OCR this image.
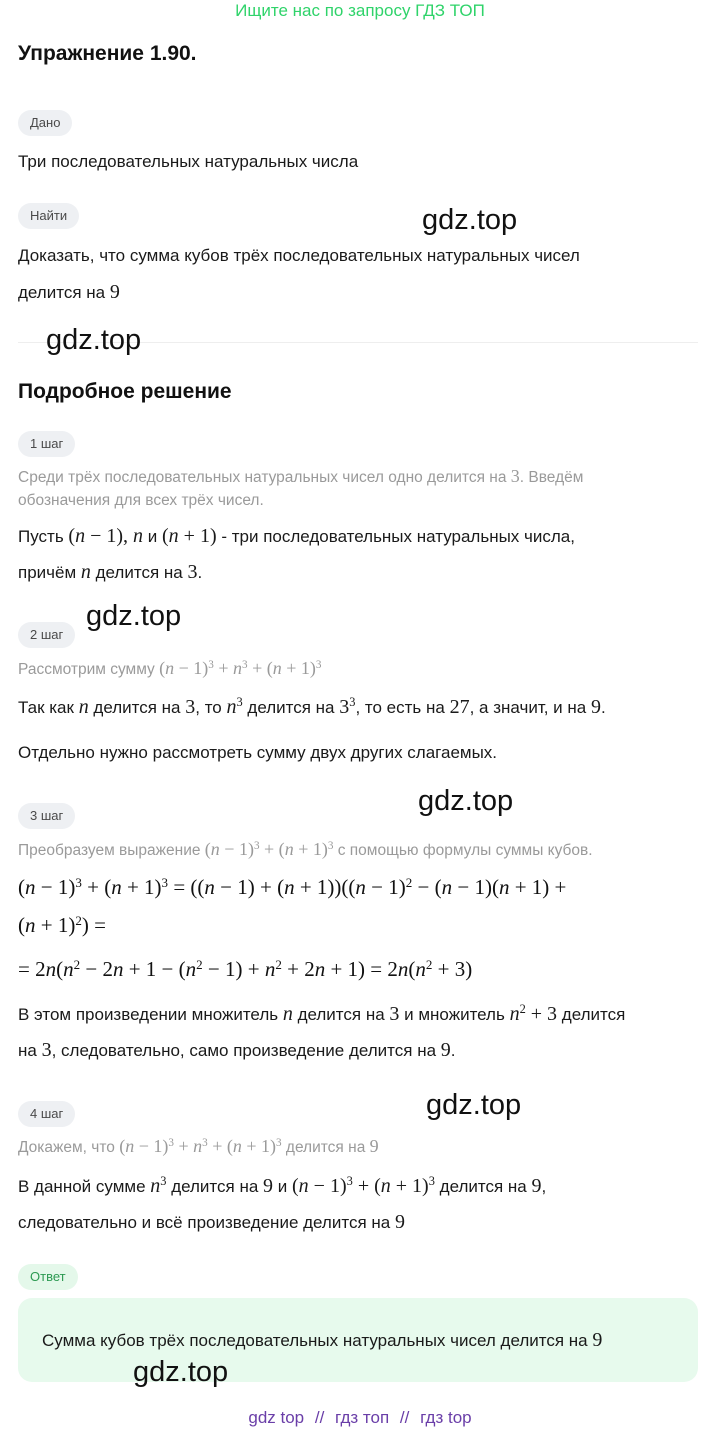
Ищите нас по запросу ГДЗ ТОП
Упражнение 1.90.
Дано
Три последовательных натуральных числа
Найти
Доказать, что сумма кубов трёх последовательных натуральных чисел
делится на 9
Подробное решение
1 шаг
Среди трёх последовательных натуральных чисел одно делится на 3. Введём
обозначения для всех трёх чисел.
Пусть (n − 1), n и (n + 1) - три последовательных натуральных числа,
причём n делится на 3.
2 шаг
Рассмотрим сумму $(n - 1)^3 + n^3 + (n + 1)^3$
Так как n делится на 3, то $n^3$ делится на $3^3$, то есть на 27, а значит, и на 9.
Отдельно нужно рассмотреть сумму двух других слагаемых.
3 шаг
Преобразуем выражение $(n - 1)^3 + (n + 1)^3$ с помощью формулы суммы кубов.
$(n - 1)^3 + (n + 1)^3 = ((n - 1) + (n + 1))((n - 1)^2 - (n - 1)(n + 1)$ +
$(n + 1)^2$) =
= $2n(n^2 - 2n + 1 - (n^2 - 1) + n^2 + 2n + 1) = 2n(n^2 + 3)$
В этом произведении множитель n делится на 3 и множитель $n^2 + 3$ делится
на 3, следовательно, само произведение делится на 9.
4 шаг
Докажем, что $(n - 1)^3 + n^3 + (n + 1)^3$ делится на 9
В данной сумме $n^3$ делится на 9 и $(n - 1)^3 + (n + 1)^3$ делится на 9,
следовательно и всё произведение делится на 9
Ответ
Сумма кубов трёх последовательных натуральных чисел делится на 9
gdz.top
gdz.top
gdz.top
gdz.top
gdz.top
gdz.top
gdz top // гдз топ // гдз top
